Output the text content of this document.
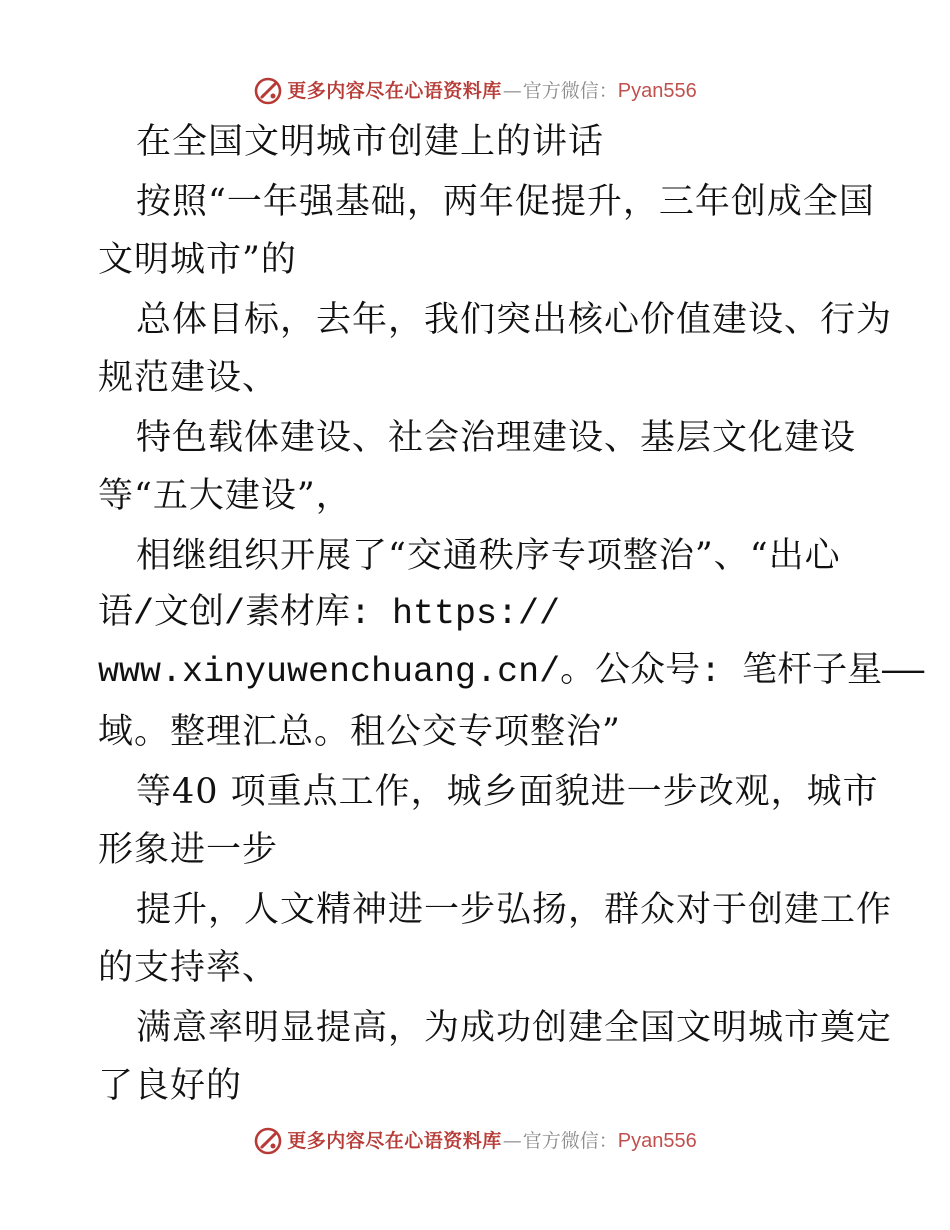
更多内容尽在心语资料库 — 官方微信： Pyan556
在全国文明城市创建上的讲话
按照“一年强基础，两年促提升，三年创成全国
文明城市”的
总体目标，去年，我们突出核心价值建设、行为
规范建设、
特色载体建设、社会治理建设、基层文化建设
等“五大建设”，
相继组织开展了“交通秩序专项整治”、“出心
语/文创/素材库: https://
www.xinyuwenchuang.cn/。公众号: 笔杆子星——
域。整理汇总。租公交专项整治”
等40 项重点工作，城乡面貌进一步改观，城市
形象进一步
提升，人文精神进一步弘扬，群众对于创建工作
的支持率、
满意率明显提高，为成功创建全国文明城市奠定
了良好的
更多内容尽在心语资料库 — 官方微信： Pyan556
